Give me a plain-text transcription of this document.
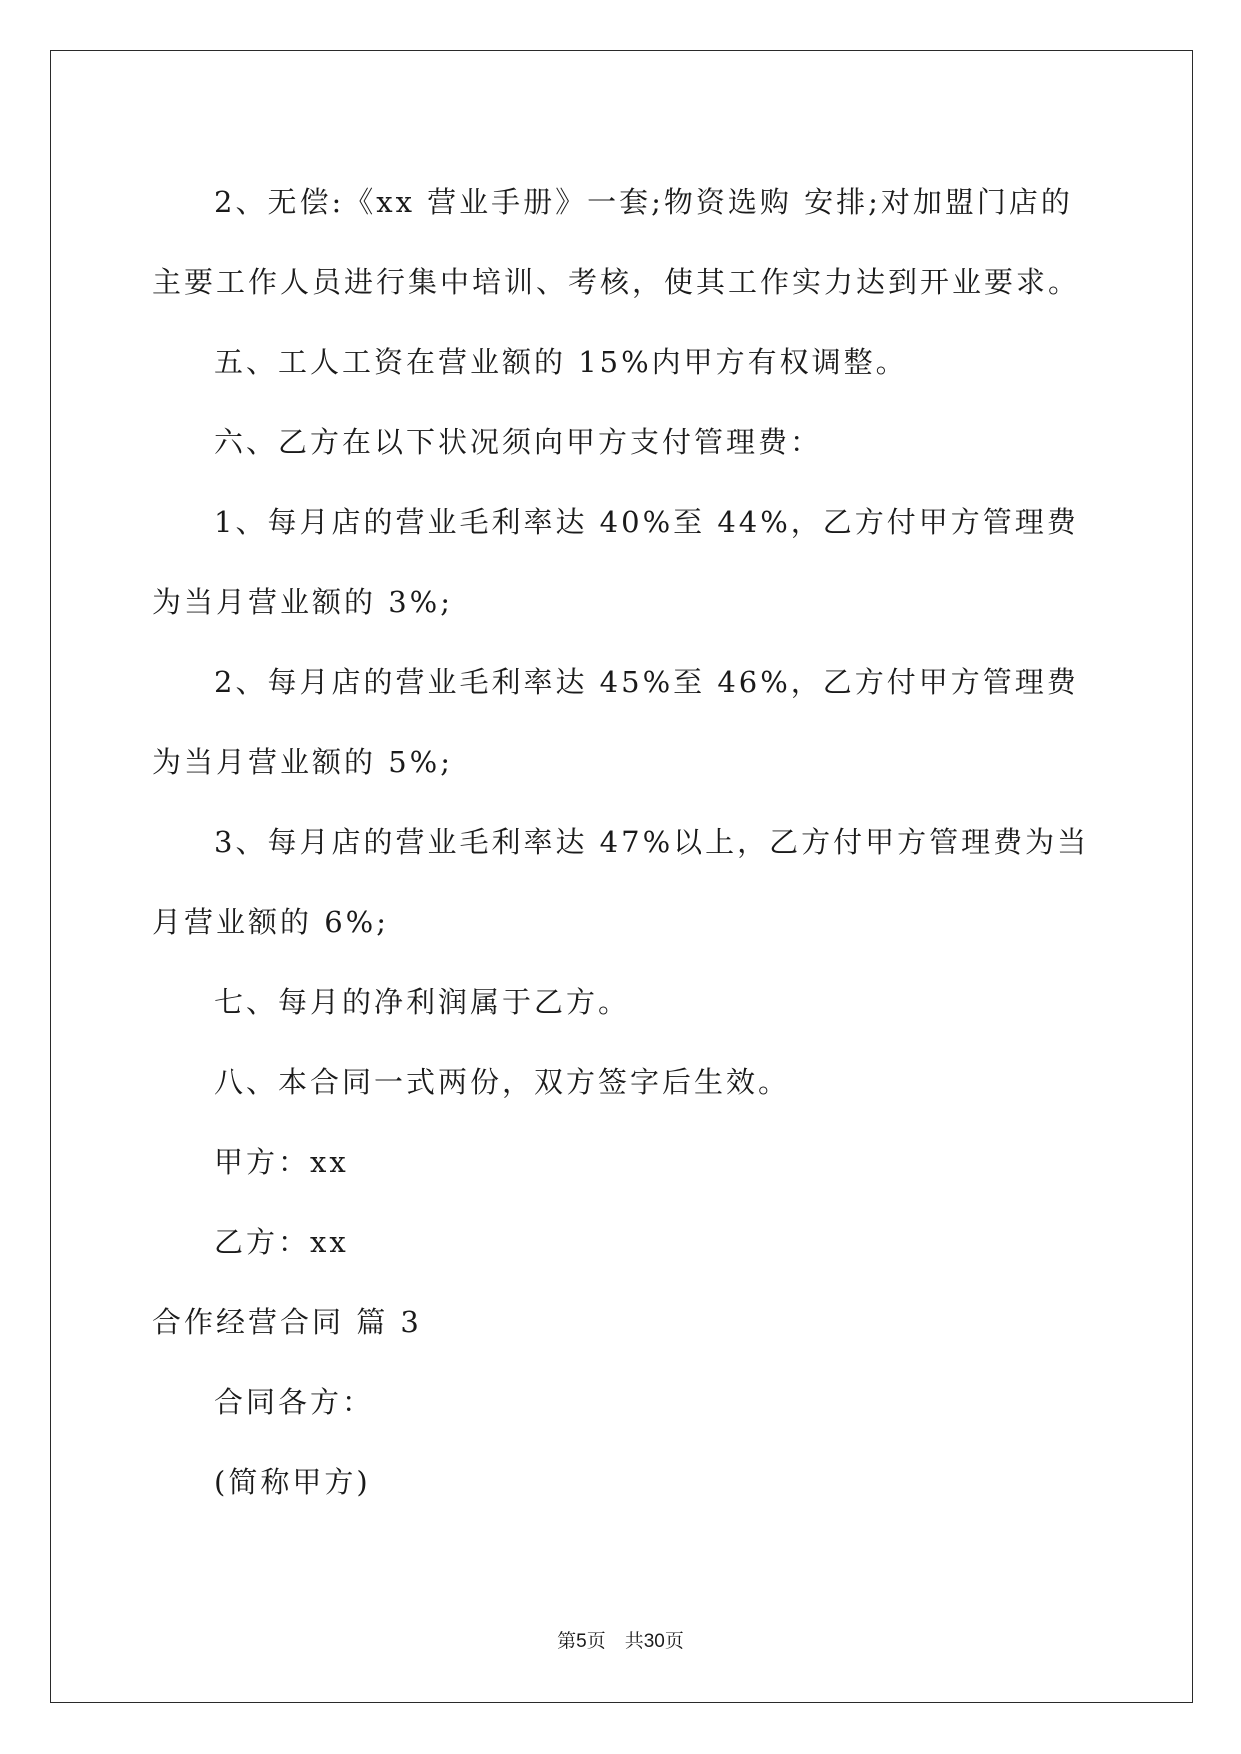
2、无偿:《xx 营业手册》一套;物资选购 安排;对加盟门店的主要工作人员进行集中培训、考核，使其工作实力达到开业要求。

五、工人工资在营业额的 15%内甲方有权调整。

六、乙方在以下状况须向甲方支付管理费：

1、每月店的营业毛利率达 40%至 44%，乙方付甲方管理费为当月营业额的 3%;

2、每月店的营业毛利率达 45%至 46%，乙方付甲方管理费为当月营业额的 5%;

3、每月店的营业毛利率达 47%以上，乙方付甲方管理费为当月营业额的 6%;

七、每月的净利润属于乙方。

八、本合同一式两份，双方签字后生效。

甲方：xx

乙方：xx

合作经营合同 篇 3

合同各方：

(简称甲方)

第5页　共30页
